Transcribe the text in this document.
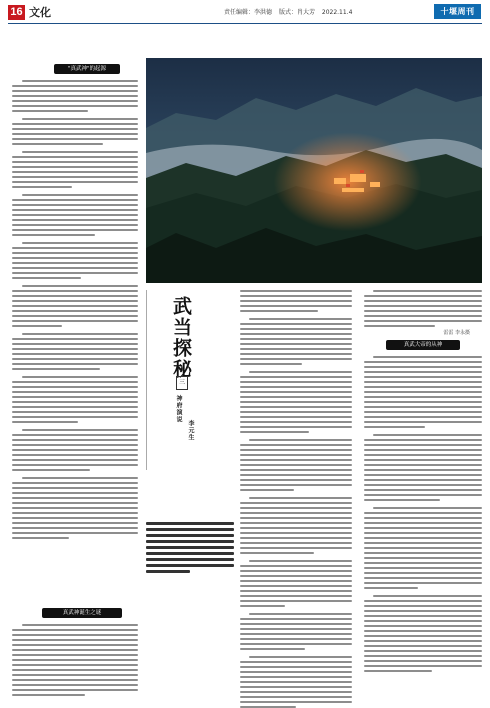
16 文化	责任编辑：李洪德 版式：肖大芳 2022.11.4	十堰周刊
"真武神"的起源
真武神诞生之谜
雷雷 李永摄
武当探秘
三
神府演说
李元生
真武大帝的从神
